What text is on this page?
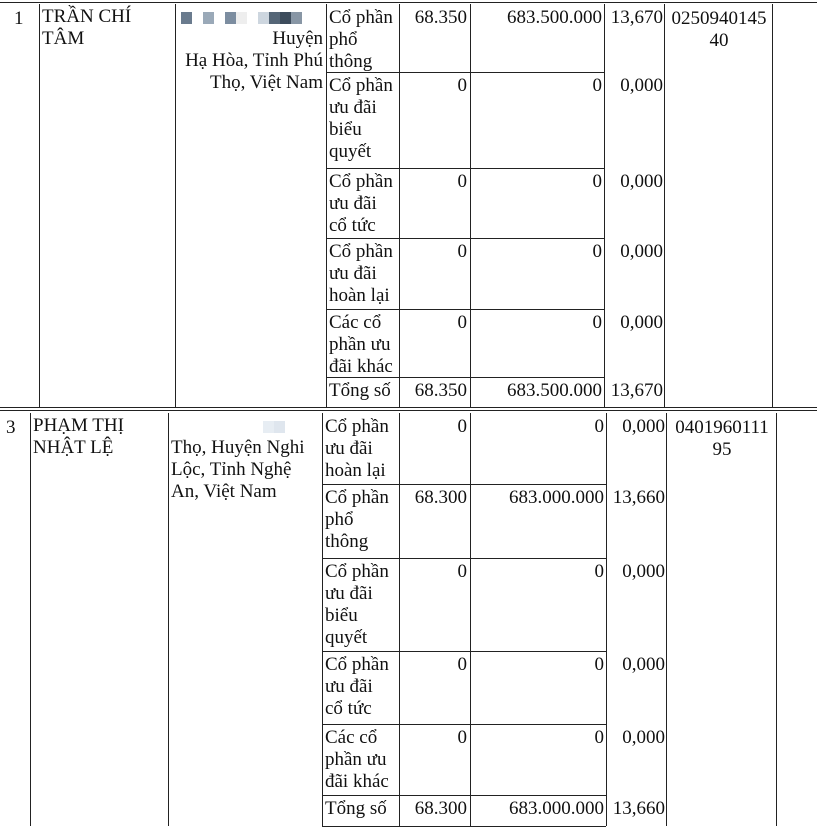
1 TRẦN CHÍ
TÂM	Huyện
Hạ Hòa, Tỉnh Phú
Thọ, Việt Nam
0250940145
40
Cổ phần
phổ
thông
68.350	683.500.000 13,670
Cổ phần
ưu đãi
biểu
quyết
0	0 0,000
Cổ phần
ưu đãi
cổ tức
0	0 0,000
Cổ phần
ưu đãi
hoàn lại
0	0 0,000
Các cổ
phần ưu
đãi khác
0	0 0,000
Tổng số	68.350	683.500.000 13,670
3 PHẠM THỊ
NHẬT LỆ	Thọ, Huyện Nghi
Lộc, Tỉnh Nghệ
An, Việt Nam
0401960111
95
Cổ phần
ưu đãi
hoàn lại
0	0 0,000
Cổ phần
phổ
thông
68.300	683.000.000 13,660
Cổ phần
ưu đãi
biểu
quyết
0	0 0,000
Cổ phần
ưu đãi
cổ tức
0	0 0,000
Các cổ
phần ưu
đãi khác
0	0 0,000
Tổng số	68.300	683.000.000 13,660
